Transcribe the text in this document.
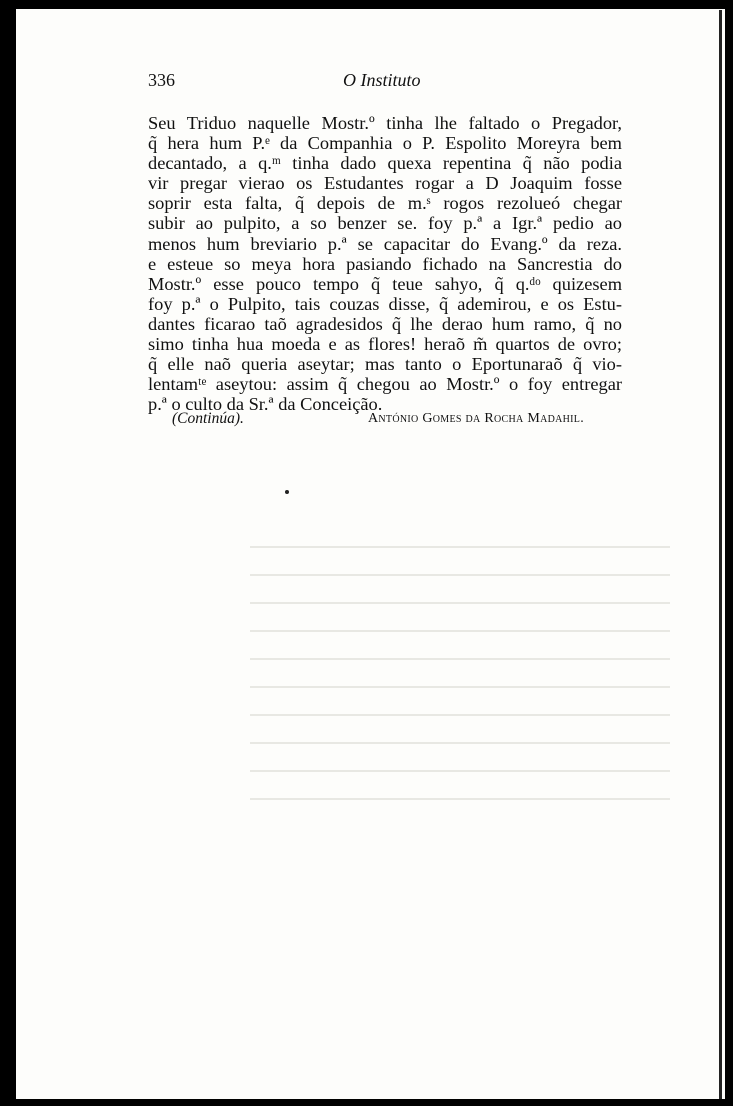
336	O Instituto
Seu Triduo naquelle Mostr.º tinha lhe faltado o Pregador,
q̃ hera hum P.ᵉ da Companhia o P. Espolito Moreyra bem
decantado, a q.ᵐ tinha dado quexa repentina q̃ não podia
vir pregar vierao os Estudantes rogar a D Joaquim fosse
soprir esta falta, q̃ depois de m.ˢ rogos rezolueó chegar
subir ao pulpito, a so benzer se. foy p.ª a Igr.ª pedio ao
menos hum breviario p.ª se capacitar do Evang.º da reza.
e esteue so meya hora pasiando fichado na Sancrestia do
Mostr.º esse pouco tempo q̃ teue sahyo, q̃ q.ᵈᵒ quizesem
foy p.ª o Pulpito, tais couzas disse, q̃ ademirou, e os Estu-
dantes ficarao taõ agradesidos q̃ lhe derao hum ramo, q̃ no
simo tinha hua moeda e as flores! heraõ m̃ quartos de ovro;
q̃ elle naõ queria aseytar; mas tanto o Eportunaraõ q̃ vio-
lentamᵗᵉ aseytou: assim q̃ chegou ao Mostr.º o foy entregar
p.ª o culto da Sr.ª da Conceição.
(Continúa).	António Gomes da Rocha Madahil.
